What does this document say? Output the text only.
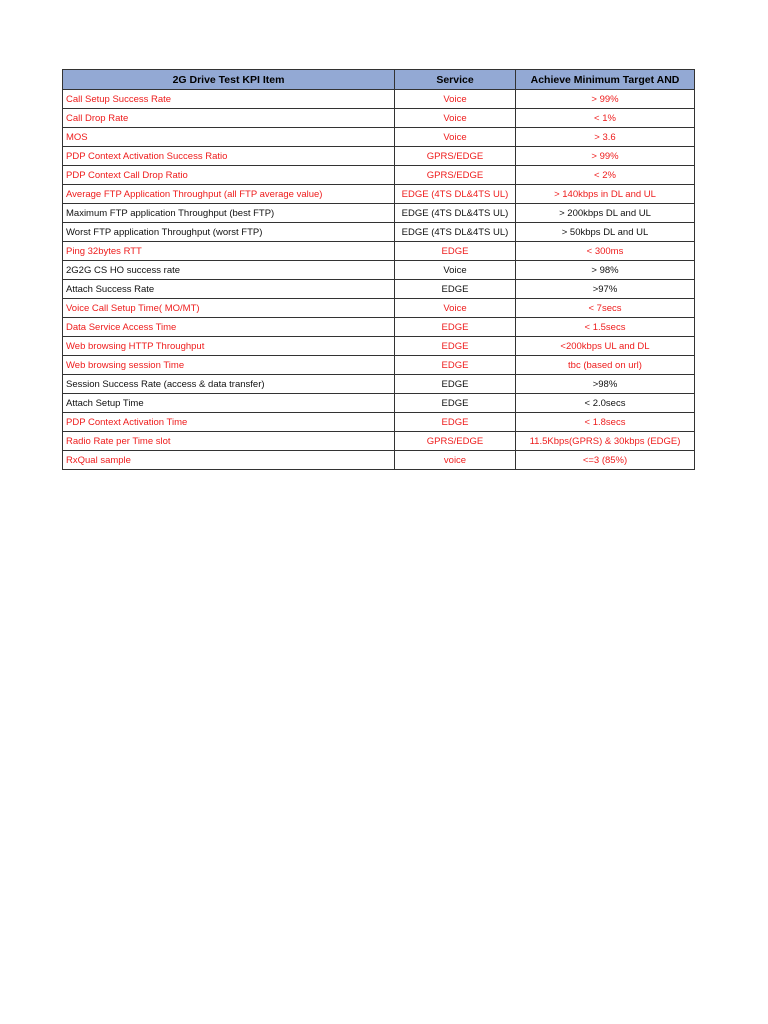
2G Drive Test KPI Item	Service	Achieve Minimum Target AND
Call Setup Success Rate	Voice	> 99%
Call Drop Rate	Voice	< 1%
MOS	Voice	> 3.6
PDP Context Activation Success Ratio	GPRS/EDGE	> 99%
PDP Context Call Drop Ratio	GPRS/EDGE	< 2%
Average FTP Application Throughput (all FTP average value)	EDGE (4TS DL&4TS UL)	> 140kbps in DL and UL
Maximum FTP application Throughput (best FTP)	EDGE (4TS DL&4TS UL)	> 200kbps DL and UL
Worst FTP application Throughput (worst FTP)	EDGE (4TS DL&4TS UL)	> 50kbps DL and UL
Ping 32bytes RTT	EDGE	< 300ms
2G2G CS HO success rate	Voice	> 98%
Attach Success Rate	EDGE	>97%
Voice Call Setup Time( MO/MT)	Voice	< 7secs
Data Service Access Time	EDGE	< 1.5secs
Web browsing HTTP Throughput	EDGE	<200kbps UL and DL
Web browsing session Time	EDGE	tbc (based on url)
Session Success Rate (access & data transfer)	EDGE	>98%
Attach Setup Time	EDGE	< 2.0secs
PDP Context Activation Time	EDGE	< 1.8secs
Radio Rate per Time slot	GPRS/EDGE	11.5Kbps(GPRS) & 30kbps (EDGE)
RxQual sample	voice	<=3 (85%)
